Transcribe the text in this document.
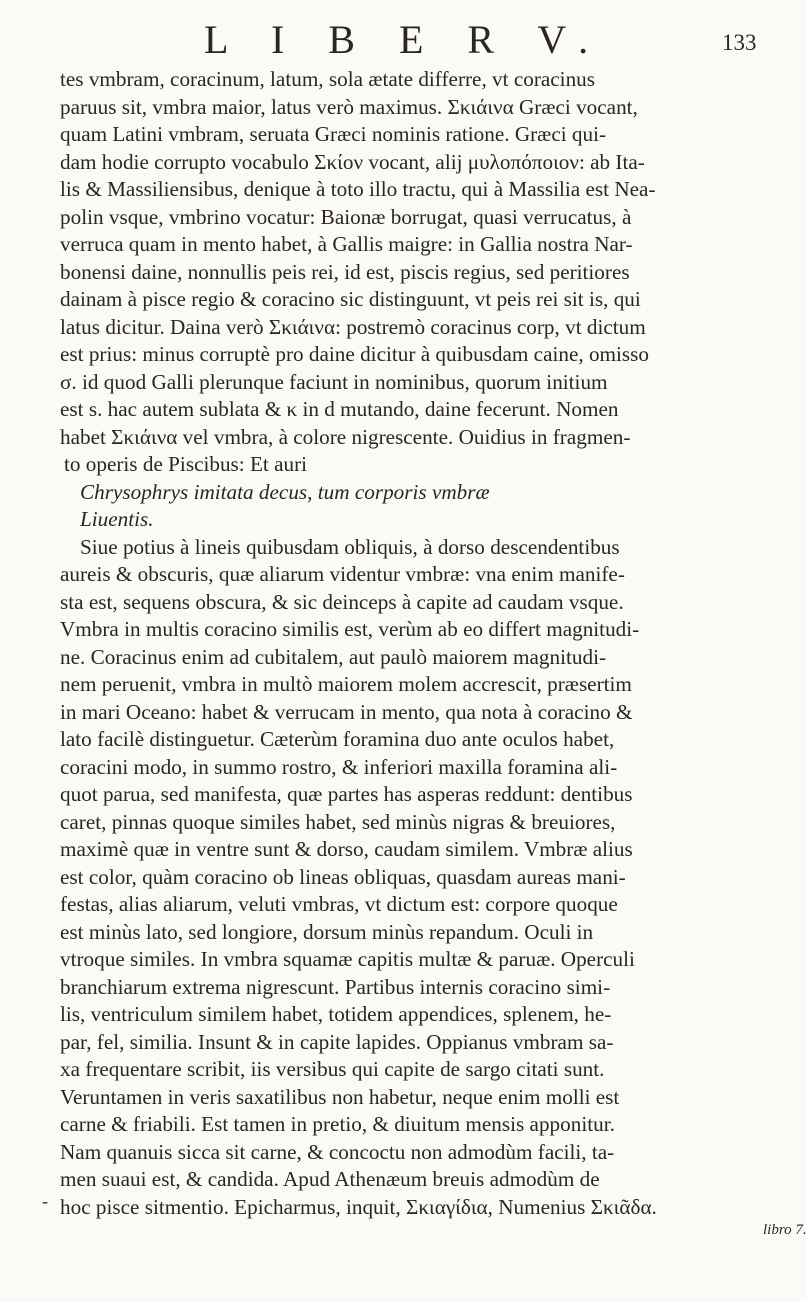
L I B E R V.	133
tes vmbram, coracinum, latum, sola ætate differre, vt coracinus
paruus sit, vmbra maior, latus verò maximus. Σκιάινα Græci vocant,
quam Latini vmbram, seruata Græci nominis ratione. Græci qui-
dam hodie corrupto vocabulo Σκίον vocant, alij μυλοπόποιον: ab Ita-
lis & Massiliensibus, denique à toto illo tractu, qui à Massilia est Nea-
polin vsque, vmbrino vocatur: Baionæ borrugat, quasi verrucatus, à
verruca quam in mento habet, à Gallis maigre: in Gallia nostra Nar-
bonensi daine, nonnullis peis rei, id est, piscis regius, sed peritiores
dainam à pisce regio & coracino sic distinguunt, vt peis rei sit is, qui
latus dicitur. Daina verò Σκιάινα: postremò coracinus corp, vt dictum
est prius: minus corruptè pro daine dicitur à quibusdam caine, omisso
σ. id quod Galli plerunque faciunt in nominibus, quorum initium
est s. hac autem sublata & κ in d mutando, daine fecerunt. Nomen
habet Σκιάινα vel vmbra, à colore nigrescente. Ouidius in fragmen-
to operis de Piscibus: Et auri
Chrysophrys imitata decus, tum corporis vmbræ
Liuentis.
Siue potius à lineis quibusdam obliquis, à dorso descendentibus
aureis & obscuris, quæ aliarum videntur vmbræ: vna enim manife-
sta est, sequens obscura, & sic deinceps à capite ad caudam vsque.
Vmbra in multis coracino similis est, verùm ab eo differt magnitudi-
ne. Coracinus enim ad cubitalem, aut paulò maiorem magnitudi-
nem peruenit, vmbra in multò maiorem molem accrescit, præsertim
in mari Oceano: habet & verrucam in mento, qua nota à coracino &
lato facilè distinguetur. Cæterùm foramina duo ante oculos habet,
coracini modo, in summo rostro, & inferiori maxilla foramina ali-
quot parua, sed manifesta, quæ partes has asperas reddunt: dentibus
caret, pinnas quoque similes habet, sed minùs nigras & breuiores,
maximè quæ in ventre sunt & dorso, caudam similem. Vmbræ alius
est color, quàm coracino ob lineas obliquas, quasdam aureas mani-
festas, alias aliarum, veluti vmbras, vt dictum est: corpore quoque
est minùs lato, sed longiore, dorsum minùs repandum. Oculi in
vtroque similes. In vmbra squamæ capitis multæ & paruæ. Operculi
branchiarum extrema nigrescunt. Partibus internis coracino simi-
lis, ventriculum similem habet, totidem appendices, splenem, he-
par, fel, similia. Insunt & in capite lapides. Oppianus vmbram sa-
xa frequentare scribit, iis versibus qui capite de sargo citati sunt.
Veruntamen in veris saxatilibus non habetur, neque enim molli est
carne & friabili. Est tamen in pretio, & diuitum mensis apponitur.
Nam quanuis sicca sit carne, & concoctu non admodùm facili, ta-
men suaui est, & candida. Apud Athenæum breuis admodùm de
hoc pisce sitmentio. Epicharmus, inquit, Σκιαγίδια, Numenius Σκιᾶδα.
-
libro 7.
